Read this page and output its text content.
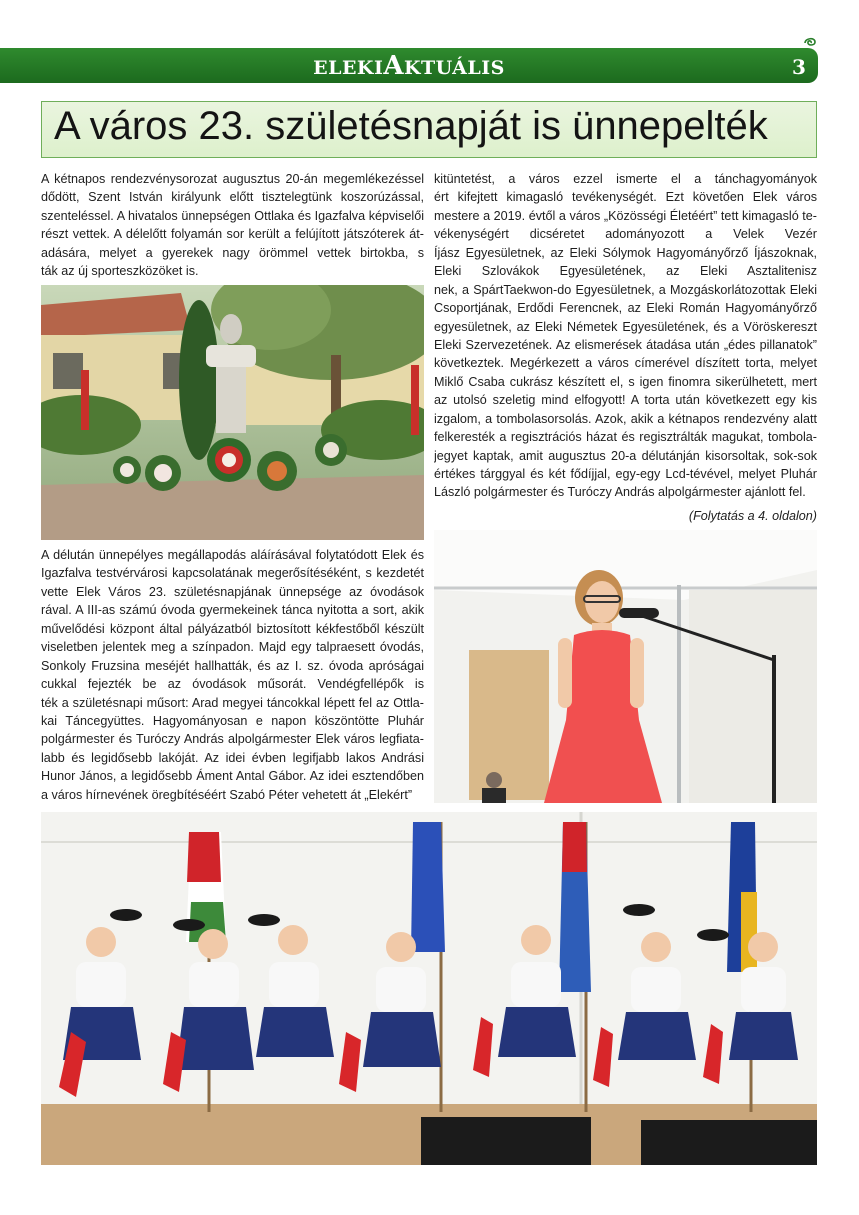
ELEKIAKTUÁLIS	3
A város 23. születésnapját is ünnepelték
A kétnapos rendezvénysorozat augusztus 20-án megemlékezéssel
dődött, Szent István királyunk előtt tisztelegtünk koszorúzással,
szenteléssel. A hivatalos ünnepségen Ottlaka és Igazfalva képviselői
részt vettek. A délelőtt folyamán sor került a felújított játszóterek át-
adására, melyet a gyerekek nagy örömmel vettek birtokba, s
ták az új sporteszközöket is.
kitüntetést, a város ezzel ismerte el a tánchagyományok
ért kifejtett kimagasló tevékenységét. Ezt követően Elek város
mestere a 2019. évtől a város „Közösségi Életéért” tett kimagasló te-
vékenységért dicséretet adományozott a Velek Vezér
Íjász Egyesületnek, az Eleki Sólymok Hagyományőrző Íjászoknak,
Eleki Szlovákok Egyesületének, az Eleki Asztalitenisz
nek, a SpártTaekwon-do Egyesületnek, a Mozgáskorlátozottak Eleki
Csoportjának, Erdődi Ferencnek, az Eleki Román Hagyományőrző
egyesületnek, az Eleki Németek Egyesületének, és a Vöröskereszt
Eleki Szervezetének. Az elismerések átadása után „édes pillanatok”
következtek. Megérkezett a város címerével díszített torta, melyet
Miklő Csaba cukrász készített el, s igen finomra sikerülhetett, mert
az utolsó szeletig mind elfogyott! A torta után következett egy kis
izgalom, a tombolasorsolás. Azok, akik a kétnapos rendezvény alatt
felkeresték a regisztrációs házat és regisztrálták magukat, tombola-
jegyet kaptak, amit augusztus 20-a délutánján kisorsoltak, sok-sok
értékes tárggyal és két fődíjjal, egy-egy Lcd-tévével, melyet Pluhár
László polgármester és Turóczy András alpolgármester ajánlott fel.
(Folytatás a 4. oldalon)
A délután ünnepélyes megállapodás aláírásával folytatódott Elek és
Igazfalva testvérvárosi kapcsolatának megerősítéséként, s kezdetét
vette Elek Város 23. születésnapjának ünnepsége az óvodások
rával. A III-as számú óvoda gyermekeinek tánca nyitotta a sort, akik
művelődési központ által pályázatból biztosított kékfestőből készült
viseletben jelentek meg a színpadon. Majd egy talpraesett óvodás,
Sonkoly Fruzsina meséjét hallhatták, és az I. sz. óvoda apróságai
cukkal fejezték be az óvodások műsorát. Vendégfellépők is
ték a születésnapi műsort: Arad megyei táncokkal lépett fel az Ottla-
kai Táncegyüttes. Hagyományosan e napon köszöntötte Pluhár
polgármester és Turóczy András alpolgármester Elek város legfiata-
labb és legidősebb lakóját. Az idei évben legifjabb lakos Andrási
Hunor János, a legidősebb Áment Antal Gábor. Az idei esztendőben
a város hírnevének öregbítéséért Szabó Péter vehetett át „Elekért”
